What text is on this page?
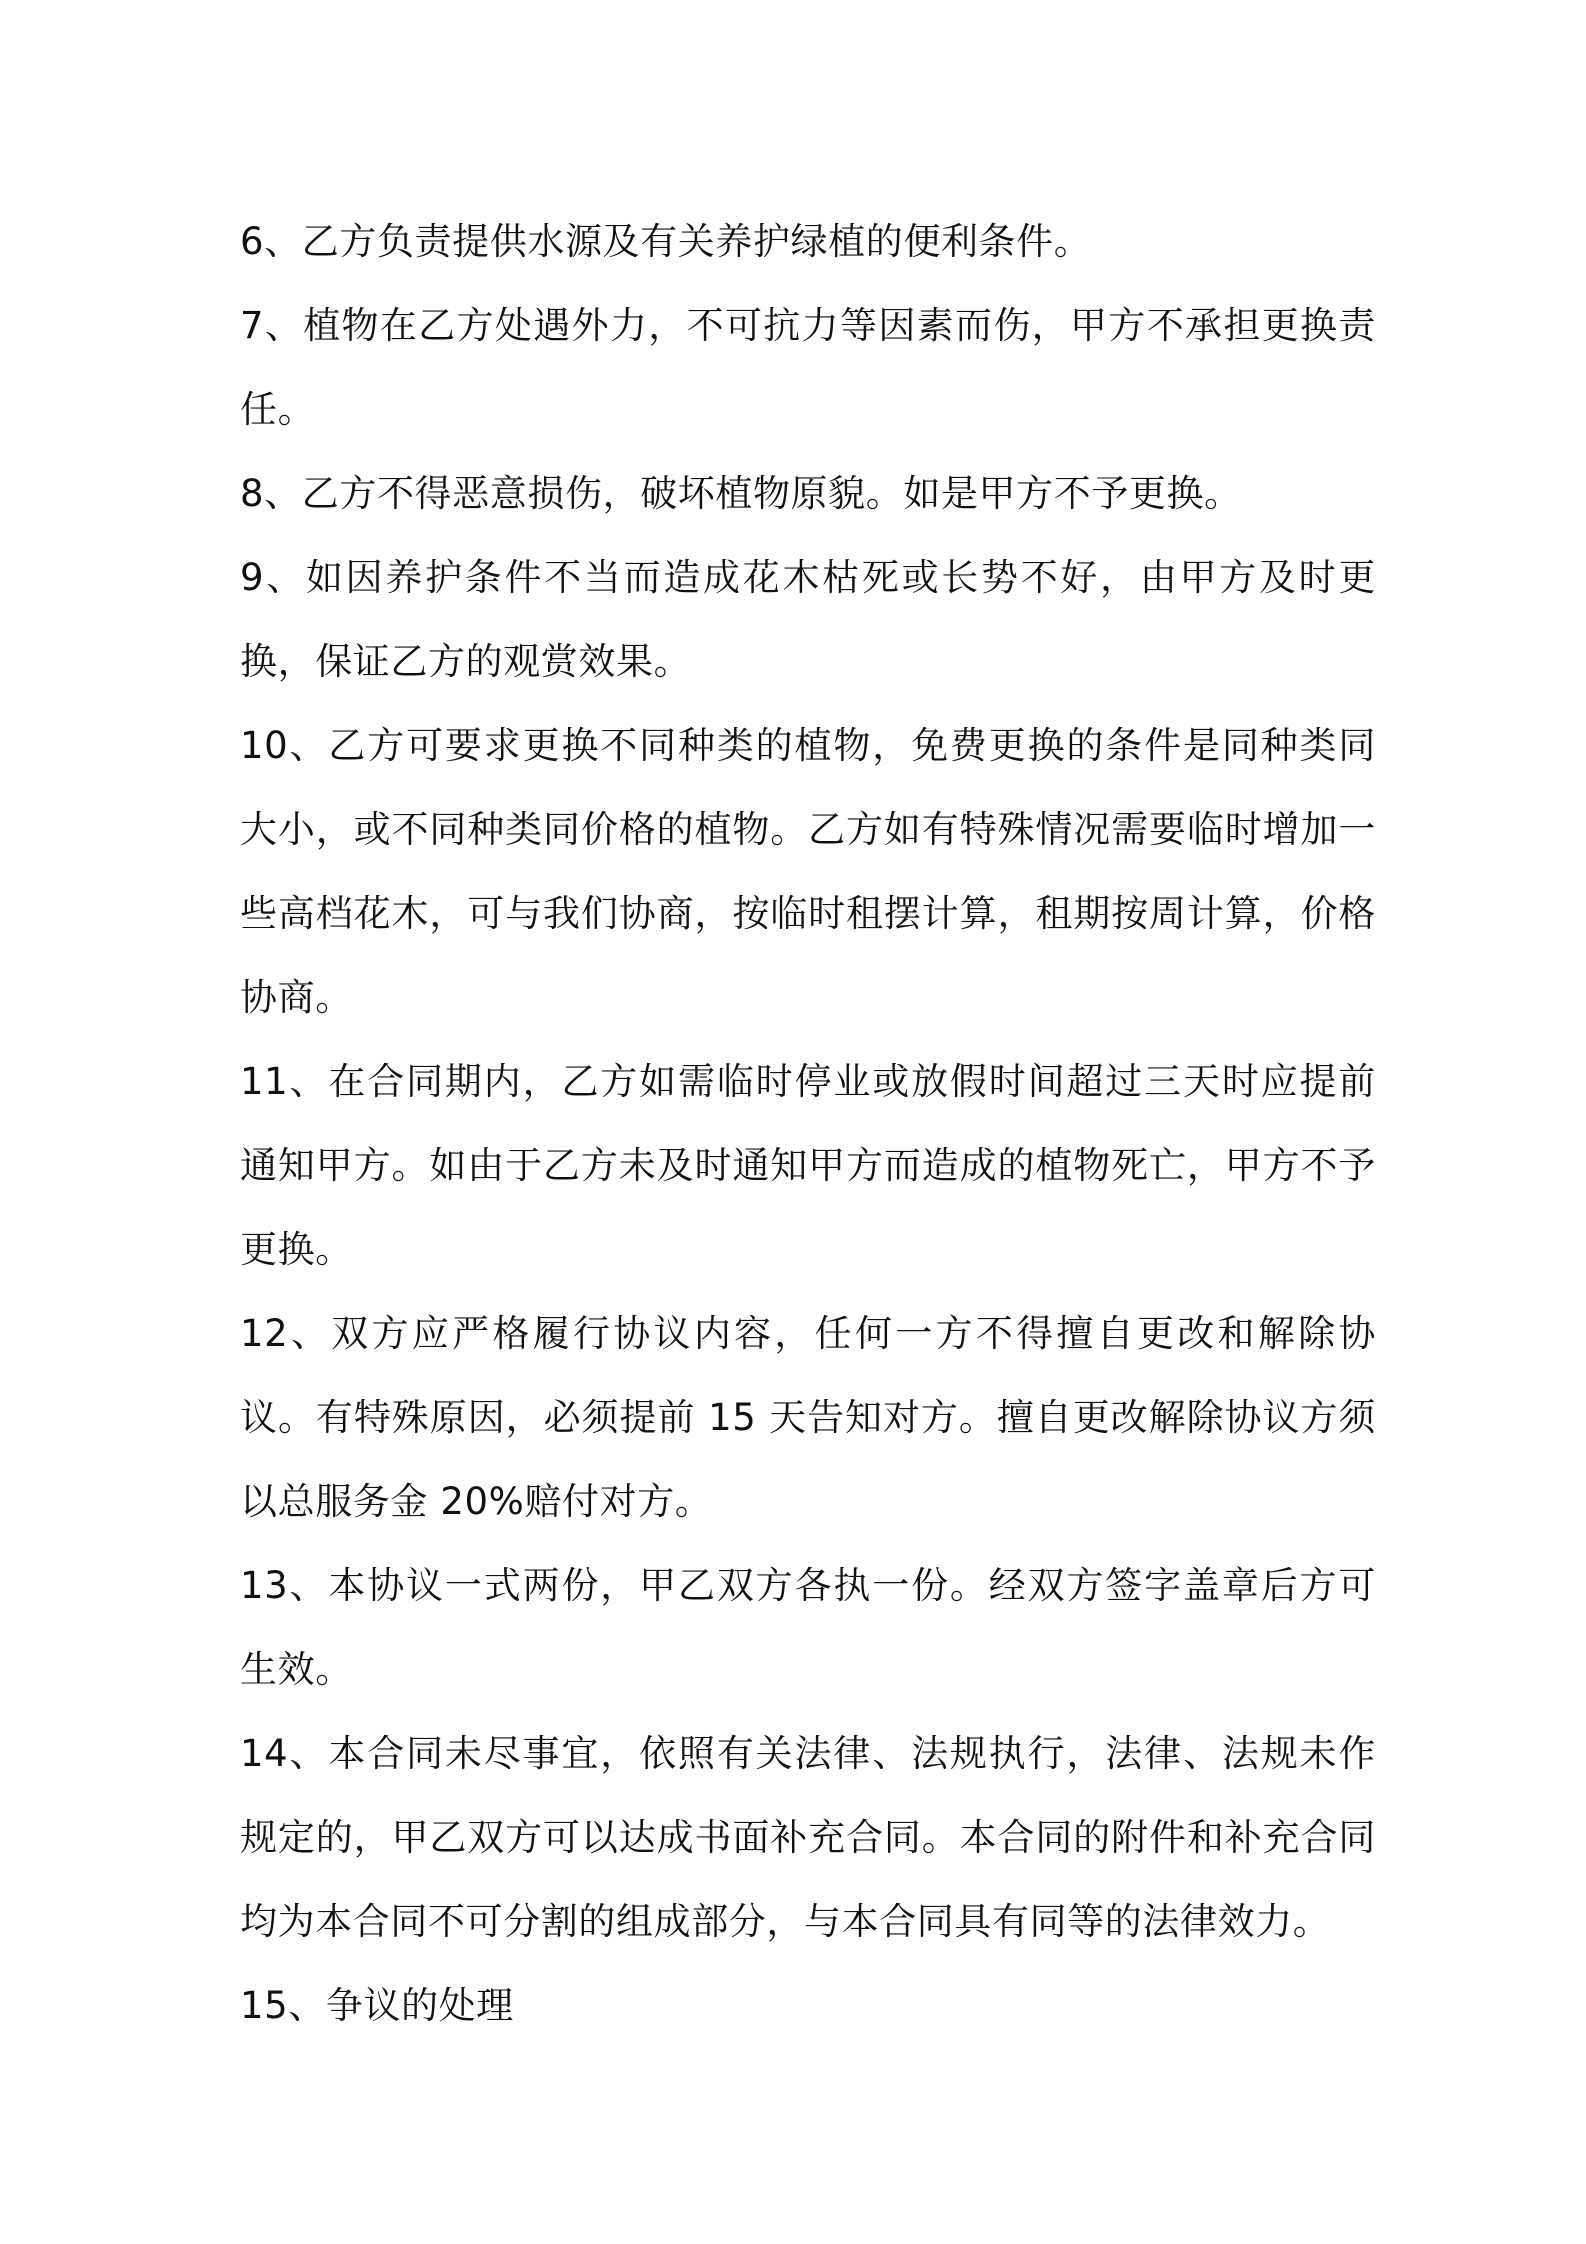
6、乙方负责提供水源及有关养护绿植的便利条件。

7、植物在乙方处遇外力，不可抗力等因素而伤，甲方不承担更换责任。

8、乙方不得恶意损伤，破坏植物原貌。如是甲方不予更换。

9、如因养护条件不当而造成花木枯死或长势不好，由甲方及时更换，保证乙方的观赏效果。

10、乙方可要求更换不同种类的植物，免费更换的条件是同种类同大小，或不同种类同价格的植物。乙方如有特殊情况需要临时增加一些高档花木，可与我们协商，按临时租摆计算，租期按周计算，价格协商。

11、在合同期内，乙方如需临时停业或放假时间超过三天时应提前通知甲方。如由于乙方未及时通知甲方而造成的植物死亡，甲方不予更换。

12、双方应严格履行协议内容，任何一方不得擅自更改和解除协议。有特殊原因，必须提前 15 天告知对方。擅自更改解除协议方须以总服务金 20%赔付对方。

13、本协议一式两份，甲乙双方各执一份。经双方签字盖章后方可生效。

14、本合同未尽事宜，依照有关法律、法规执行，法律、法规未作规定的，甲乙双方可以达成书面补充合同。本合同的附件和补充合同均为本合同不可分割的组成部分，与本合同具有同等的法律效力。

15、争议的处理
